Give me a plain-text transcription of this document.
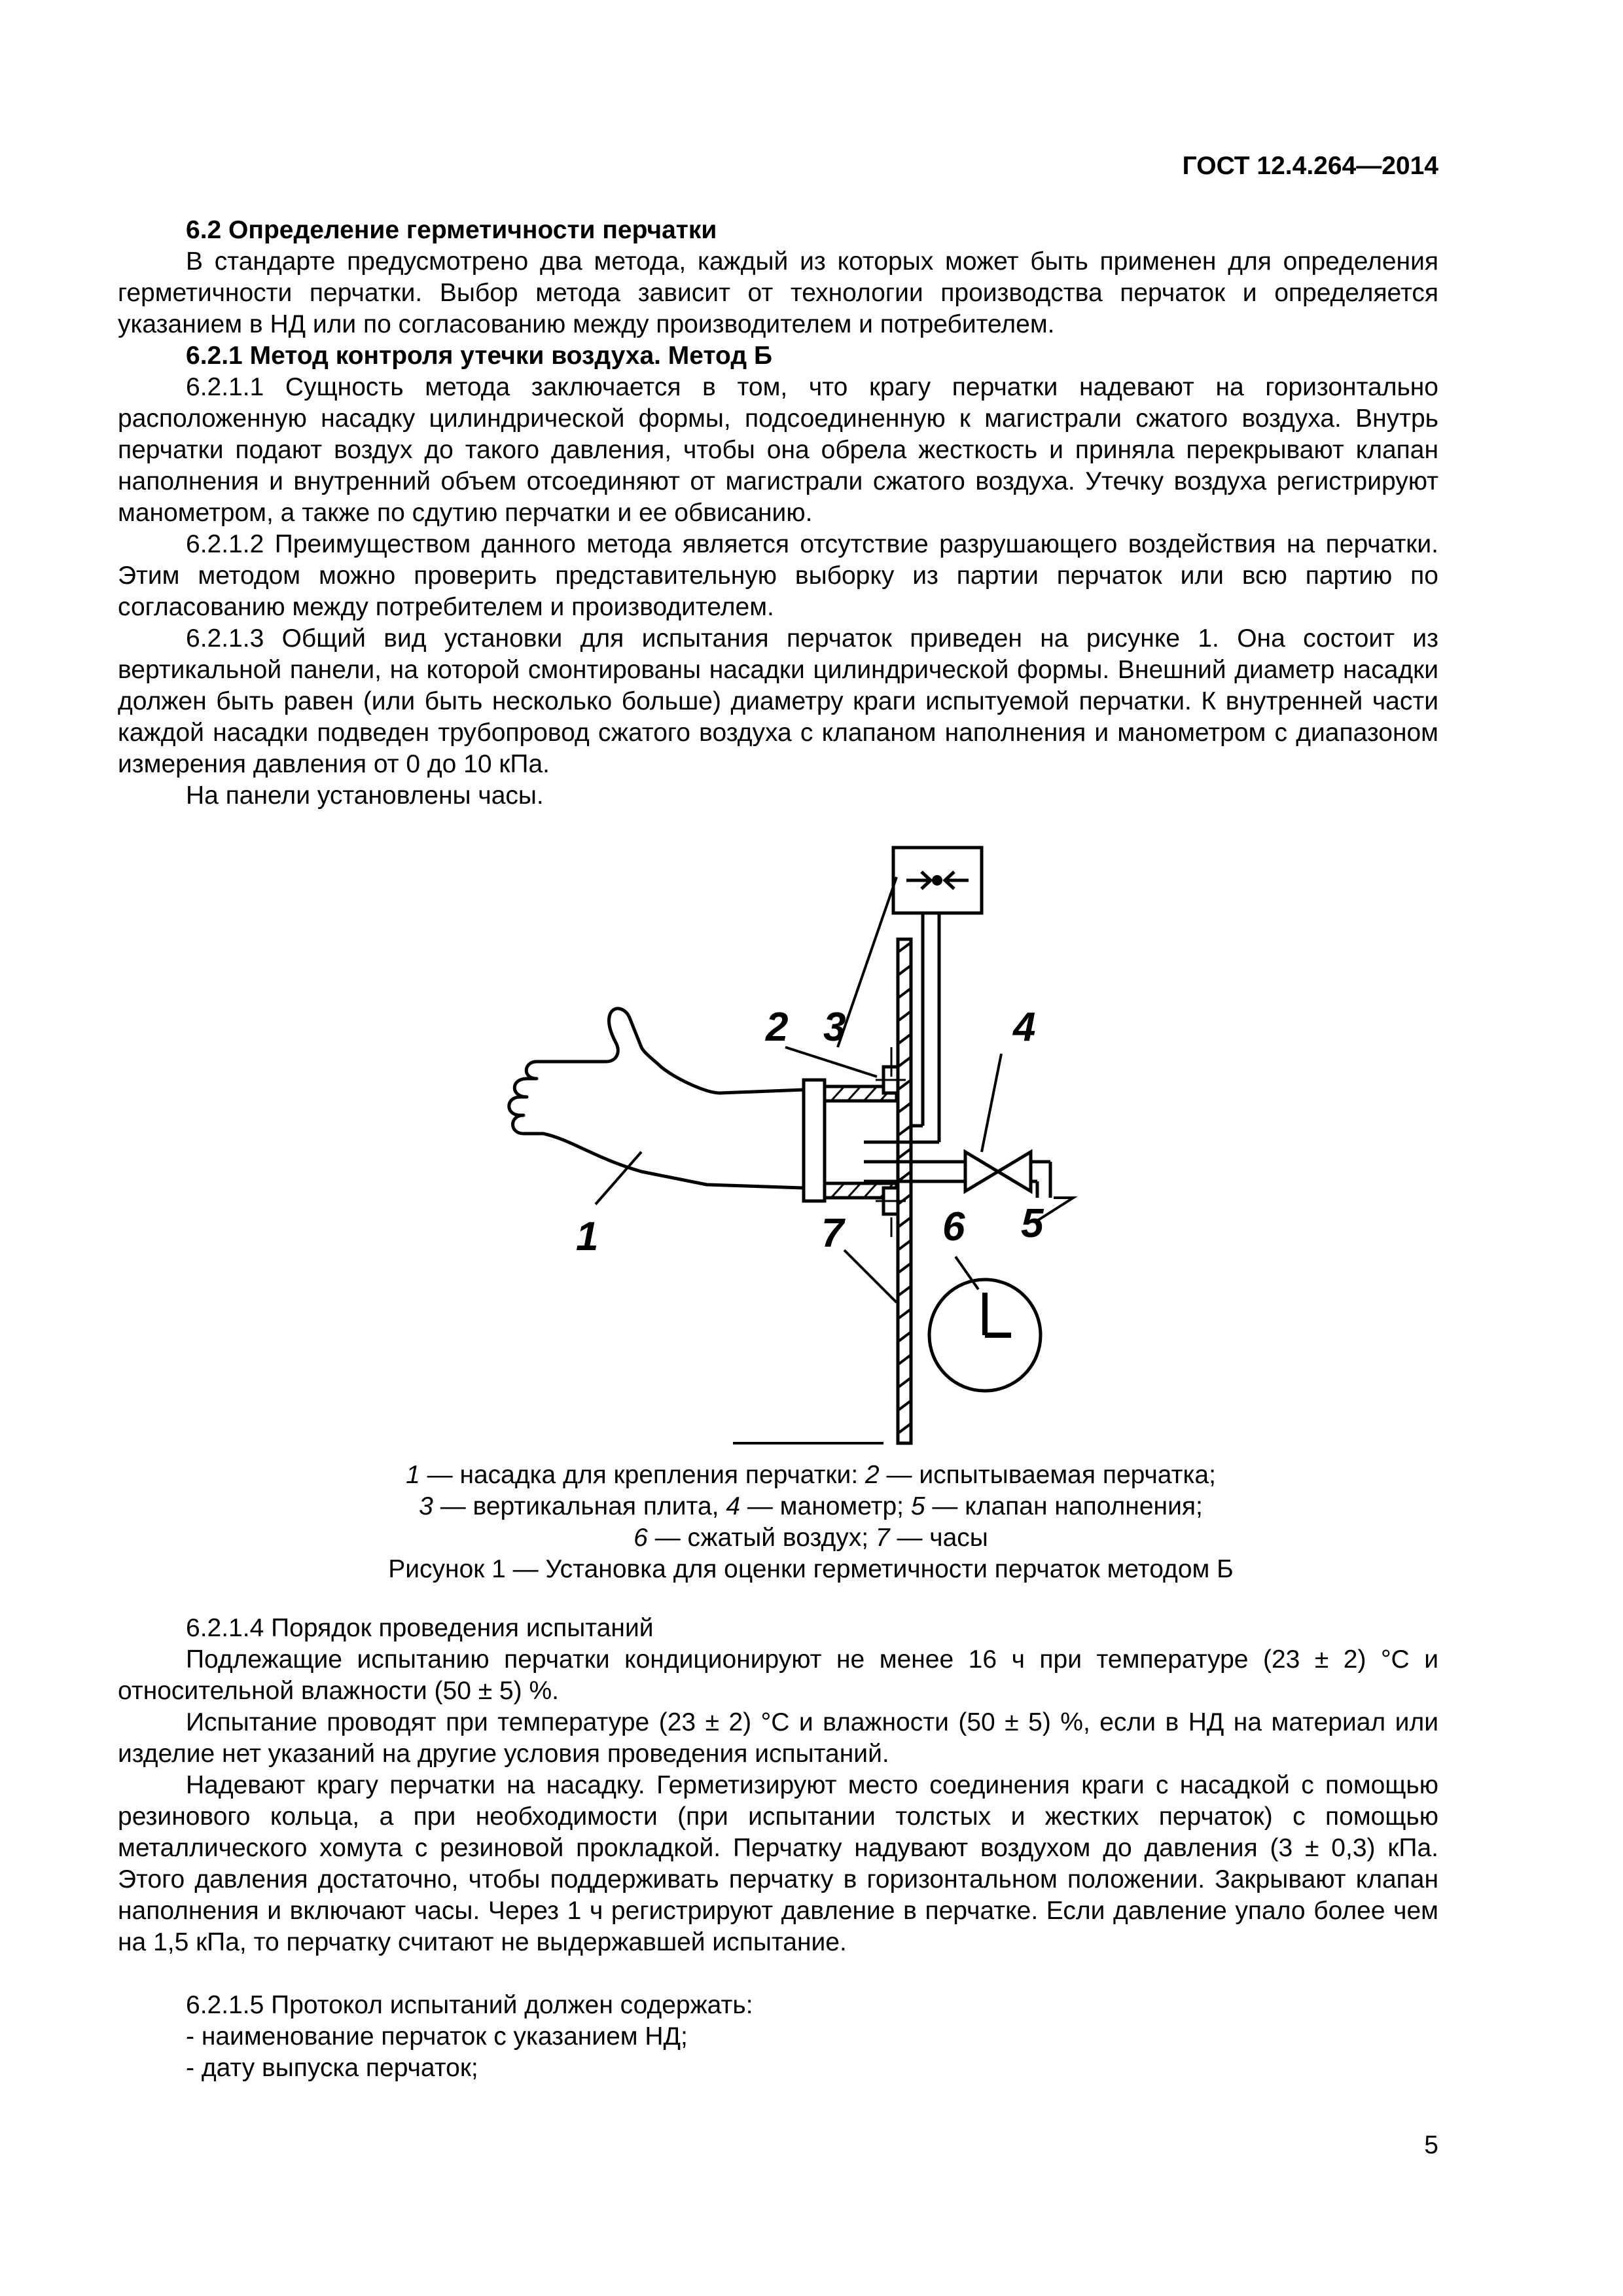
ГОСТ 12.4.264—2014

6.2 Определение герметичности перчатки

В стандарте предусмотрено два метода, каждый из которых может быть применен для определения герметичности перчатки. Выбор метода зависит от технологии производства перчаток и определяется указанием в НД или по согласованию между производителем и потребителем.

6.2.1 Метод контроля утечки воздуха. Метод Б

6.2.1.1 Сущность метода заключается в том, что крагу перчатки надевают на горизонтально расположенную насадку цилиндрической формы, подсоединенную к магистрали сжатого воздуха. Внутрь перчатки подают воздух до такого давления, чтобы она обрела жесткость и приняла перекрывают клапан наполнения и внутренний объем отсоединяют от магистрали сжатого воздуха. Утечку воздуха регистрируют манометром, а также по сдутию перчатки и ее обвисанию.

6.2.1.2 Преимуществом данного метода является отсутствие разрушающего воздействия на перчатки. Этим методом можно проверить представительную выборку из партии перчаток или всю партию по согласованию между потребителем и производителем.

6.2.1.3 Общий вид установки для испытания перчаток приведен на рисунке 1. Она состоит из вертикальной панели, на которой смонтированы насадки цилиндрической формы. Внешний диаметр насадки должен быть равен (или быть несколько больше) диаметру краги испытуемой перчатки. К внутренней части каждой насадки подведен трубопровод сжатого воздуха с клапаном наполнения и манометром с диапазоном измерения давления от 0 до 10 кПа.

На панели установлены часы.

1
2 3	4
5
6
7
1 — насадка для крепления перчатки: 2 — испытываемая перчатка;
3 — вертикальная плита, 4 — манометр; 5 — клапан наполнения;
6 — сжатый воздух; 7 — часы
Рисунок 1 — Установка для оценки герметичности перчаток методом Б

6.2.1.4 Порядок проведения испытаний

Подлежащие испытанию перчатки кондиционируют не менее 16 ч при температуре (23 ± 2) °С и относительной влажности (50 ± 5) %.

Испытание проводят при температуре (23 ± 2) °С и влажности (50 ± 5) %, если в НД на материал или изделие нет указаний на другие условия проведения испытаний.

Надевают крагу перчатки на насадку. Герметизируют место соединения краги с насадкой с помощью резинового кольца, а при необходимости (при испытании толстых и жестких перчаток) с помощью металлического хомута с резиновой прокладкой. Перчатку надувают воздухом до давления (3 ± 0,3) кПа. Этого давления достаточно, чтобы поддерживать перчатку в горизонтальном положении. Закрывают клапан наполнения и включают часы. Через 1 ч регистрируют давление в перчатке. Если давление упало более чем на 1,5 кПа, то перчатку считают не выдержавшей испытание.

6.2.1.5 Протокол испытаний должен содержать:

- наименование перчаток с указанием НД;

- дату выпуска перчаток;

5
